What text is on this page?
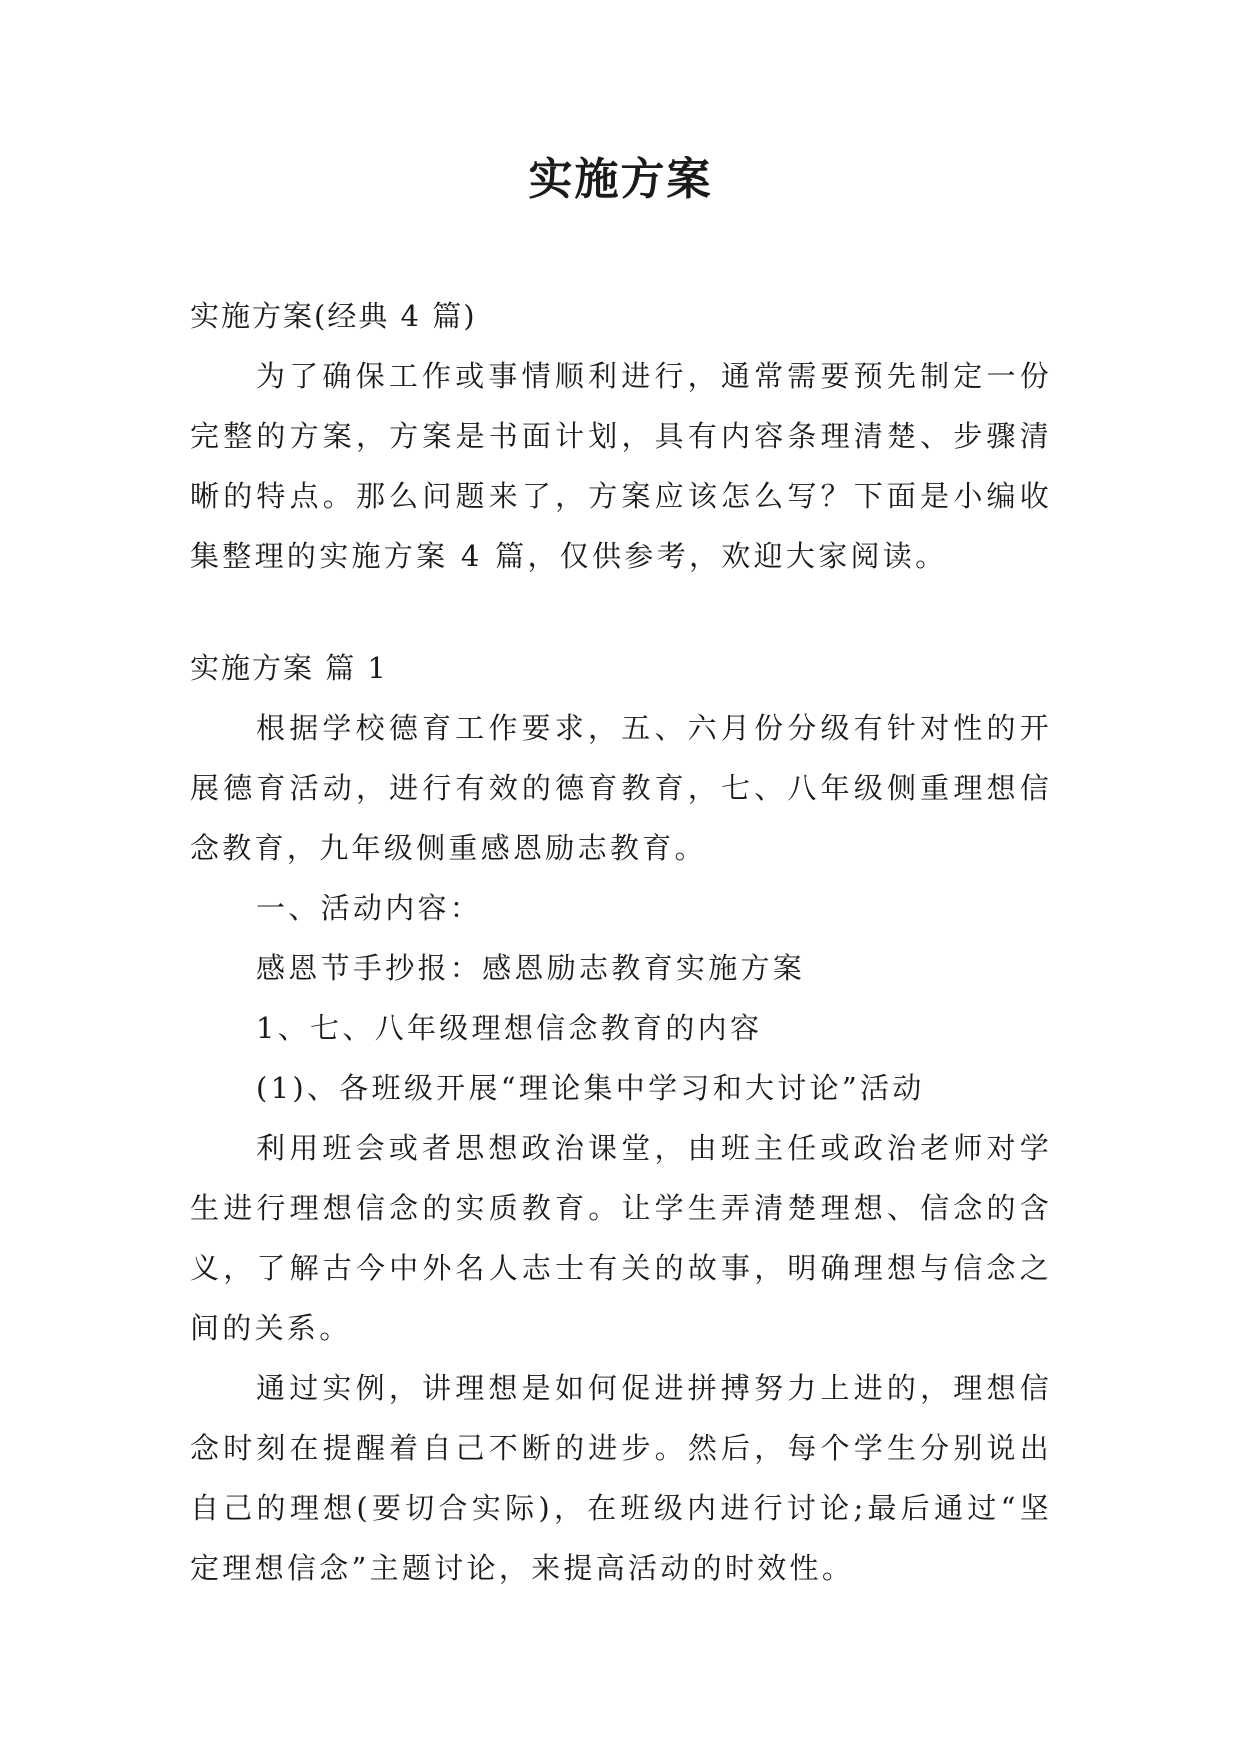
实施方案

实施方案(经典 4 篇)

为了确保工作或事情顺利进行，通常需要预先制定一份完整的方案，方案是书面计划，具有内容条理清楚、步骤清晰的特点。那么问题来了，方案应该怎么写？下面是小编收集整理的实施方案 4 篇，仅供参考，欢迎大家阅读。

实施方案 篇 1

根据学校德育工作要求，五、六月份分级有针对性的开展德育活动，进行有效的德育教育，七、八年级侧重理想信念教育，九年级侧重感恩励志教育。

一、活动内容：

感恩节手抄报：感恩励志教育实施方案

1、七、八年级理想信念教育的内容

(1)、各班级开展“理论集中学习和大讨论”活动

利用班会或者思想政治课堂，由班主任或政治老师对学生进行理想信念的实质教育。让学生弄清楚理想、信念的含义，了解古今中外名人志士有关的故事，明确理想与信念之间的关系。

通过实例，讲理想是如何促进拼搏努力上进的，理想信念时刻在提醒着自己不断的进步。然后，每个学生分别说出自己的理想(要切合实际)，在班级内进行讨论;最后通过“坚定理想信念”主题讨论，来提高活动的时效性。
